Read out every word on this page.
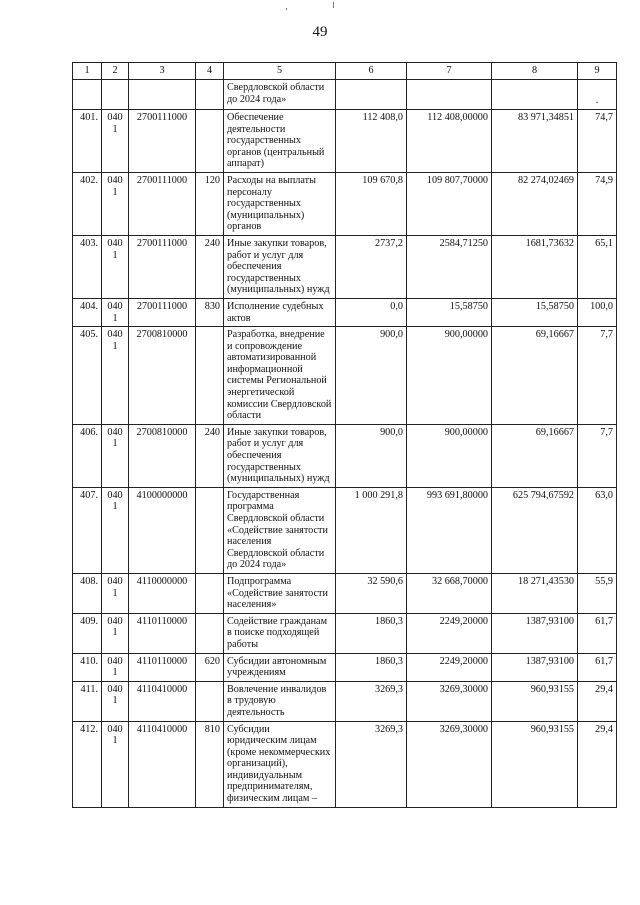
49
1	2	3	4	5	6	7	8	9
				Свердловской области до 2024 года»				.
401.	0401	2700111000		Обеспечение деятельности государственных органов (центральный аппарат)	112 408,0	112 408,00000	83 971,34851	74,7
402.	0401	2700111000	120	Расходы на выплаты персоналу государственных (муниципальных) органов	109 670,8	109 807,70000	82 274,02469	74,9
403.	0401	2700111000	240	Иные закупки товаров, работ и услуг для обеспечения государственных (муниципальных) нужд	2737,2	2584,71250	1681,73632	65,1
404.	0401	2700111000	830	Исполнение судебных актов	0,0	15,58750	15,58750	100,0
405.	0401	2700810000		Разработка, внедрение и сопровождение автоматизированной информационной системы Региональной энергетической комиссии Свердловской области	900,0	900,00000	69,16667	7,7
406.	0401	2700810000	240	Иные закупки товаров, работ и услуг для обеспечения государственных (муниципальных) нужд	900,0	900,00000	69,16667	7,7
407.	0401	4100000000		Государственная программа Свердловской области «Содействие занятости населения Свердловской области до 2024 года»	1 000 291,8	993 691,80000	625 794,67592	63,0
408.	0401	4110000000		Подпрограмма «Содействие занятости населения»	32 590,6	32 668,70000	18 271,43530	55,9
409.	0401	4110110000		Содействие гражданам в поиске подходящей работы	1860,3	2249,20000	1387,93100	61,7
410.	0401	4110110000	620	Субсидии автономным учреждениям	1860,3	2249,20000	1387,93100	61,7
411.	0401	4110410000		Вовлечение инвалидов в трудовую деятельность	3269,3	3269,30000	960,93155	29,4
412.	0401	4110410000	810	Субсидии юридическим лицам (кроме некоммерческих организаций), индивидуальным предпринимателям, физическим лицам –	3269,3	3269,30000	960,93155	29,4
